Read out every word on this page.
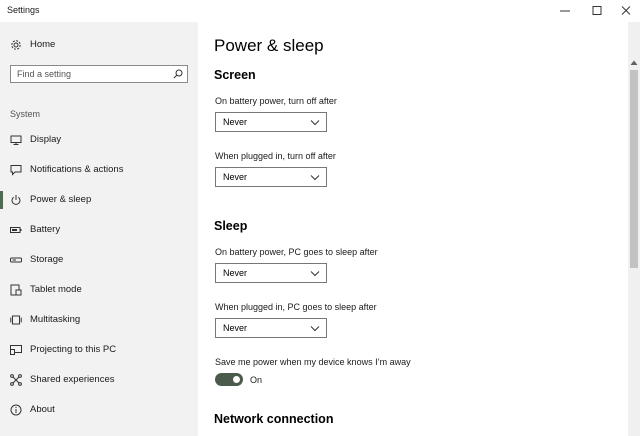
Settings
Home
Find a setting
System
Display
Notifications & actions
Power & sleep
Battery
Storage
Tablet mode
Multitasking
Projecting to this PC
Shared experiences
About
Power & sleep
Screen
On battery power, turn off after
Never
When plugged in, turn off after
Never
Sleep
On battery power, PC goes to sleep after
Never
When plugged in, PC goes to sleep after
Never
Save me power when my device knows I’m away
On
Network connection
